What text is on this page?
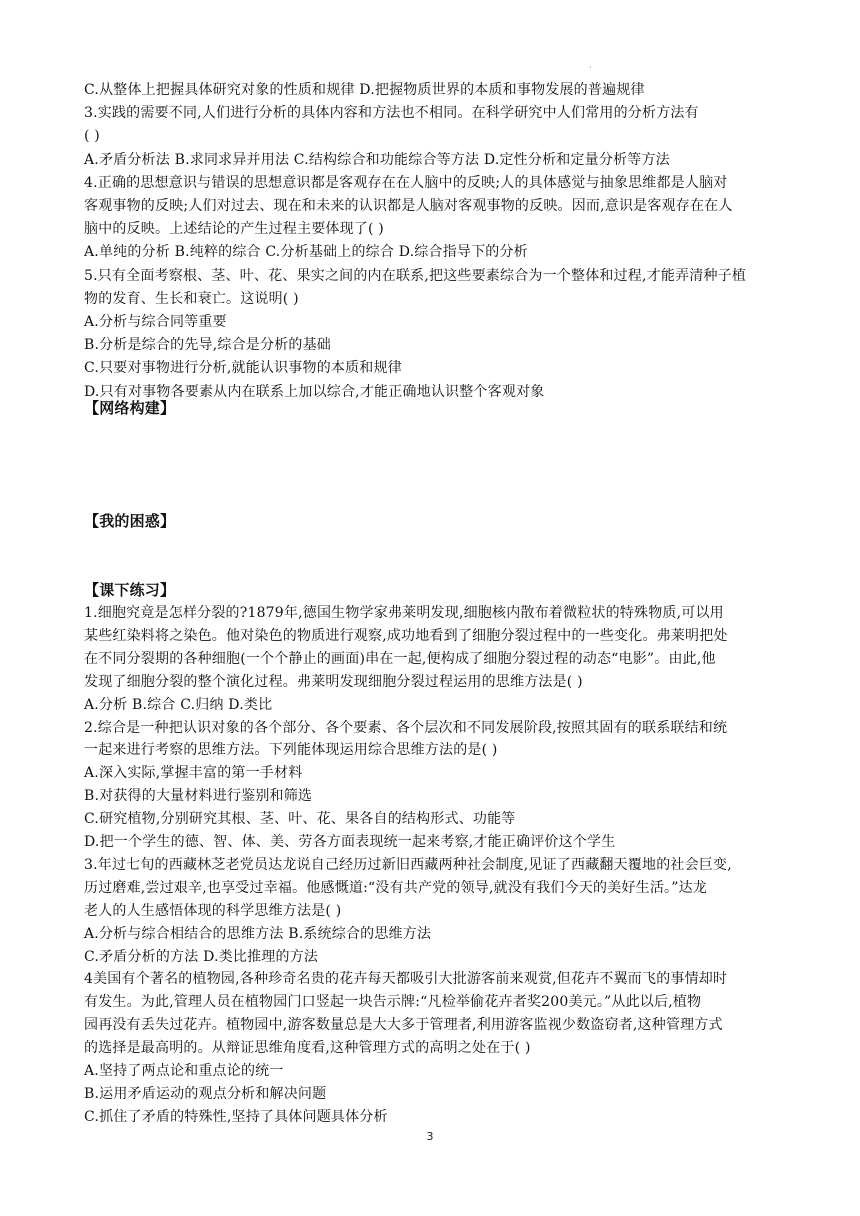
·
C.从整体上把握具体研究对象的性质和规律 D.把握物质世界的本质和事物发展的普遍规律
3.实践的需要不同,人们进行分析的具体内容和方法也不相同。在科学研究中人们常用的分析方法有
( )
A.矛盾分析法 B.求同求异并用法 C.结构综合和功能综合等方法 D.定性分析和定量分析等方法
4.正确的思想意识与错误的思想意识都是客观存在在人脑中的反映;人的具体感觉与抽象思维都是人脑对
客观事物的反映;人们对过去、现在和未来的认识都是人脑对客观事物的反映。因而,意识是客观存在在人
脑中的反映。上述结论的产生过程主要体现了( )
A.单纯的分析 B.纯粹的综合 C.分析基础上的综合 D.综合指导下的分析
5.只有全面考察根、茎、叶、花、果实之间的内在联系,把这些要素综合为一个整体和过程,才能弄清种子植
物的发育、生长和衰亡。这说明( )
A.分析与综合同等重要
B.分析是综合的先导,综合是分析的基础
C.只要对事物进行分析,就能认识事物的本质和规律
D.只有对事物各要素从内在联系上加以综合,才能正确地认识整个客观对象
【网络构建】
【我的困惑】
【课下练习】
1.细胞究竟是怎样分裂的?1879年,德国生物学家弗莱明发现,细胞核内散布着微粒状的特殊物质,可以用
某些红染料将之染色。他对染色的物质进行观察,成功地看到了细胞分裂过程中的一些变化。弗莱明把处
在不同分裂期的各种细胞(一个个静止的画面)串在一起,便构成了细胞分裂过程的动态“电影”。由此,他
发现了细胞分裂的整个演化过程。弗莱明发现细胞分裂过程运用的思维方法是( )
A.分析 B.综合 C.归纳 D.类比
2.综合是一种把认识对象的各个部分、各个要素、各个层次和不同发展阶段,按照其固有的联系联结和统
一起来进行考察的思维方法。下列能体现运用综合思维方法的是( )
A.深入实际,掌握丰富的第一手材料
B.对获得的大量材料进行鉴别和筛选
C.研究植物,分别研究其根、茎、叶、花、果各自的结构形式、功能等
D.把一个学生的德、智、体、美、劳各方面表现统一起来考察,才能正确评价这个学生
3.年过七旬的西藏林芝老党员达龙说自己经历过新旧西藏两种社会制度,见证了西藏翻天覆地的社会巨变,
历过磨难,尝过艰辛,也享受过幸福。他感慨道:“没有共产党的领导,就没有我们今天的美好生活。”达龙
老人的人生感悟体现的科学思维方法是( )
A.分析与综合相结合的思维方法 B.系统综合的思维方法
C.矛盾分析的方法 D.类比推理的方法
4美国有个著名的植物园,各种珍奇名贵的花卉每天都吸引大批游客前来观赏,但花卉不翼而飞的事情却时
有发生。为此,管理人员在植物园门口竖起一块告示牌:“凡检举偷花卉者奖200美元。”从此以后,植物
园再没有丢失过花卉。植物园中,游客数量总是大大多于管理者,利用游客监视少数盗窃者,这种管理方式
的选择是最高明的。从辩证思维角度看,这种管理方式的高明之处在于( )
A.坚持了两点论和重点论的统一
B.运用矛盾运动的观点分析和解决问题
C.抓住了矛盾的特殊性,坚持了具体问题具体分析
3
